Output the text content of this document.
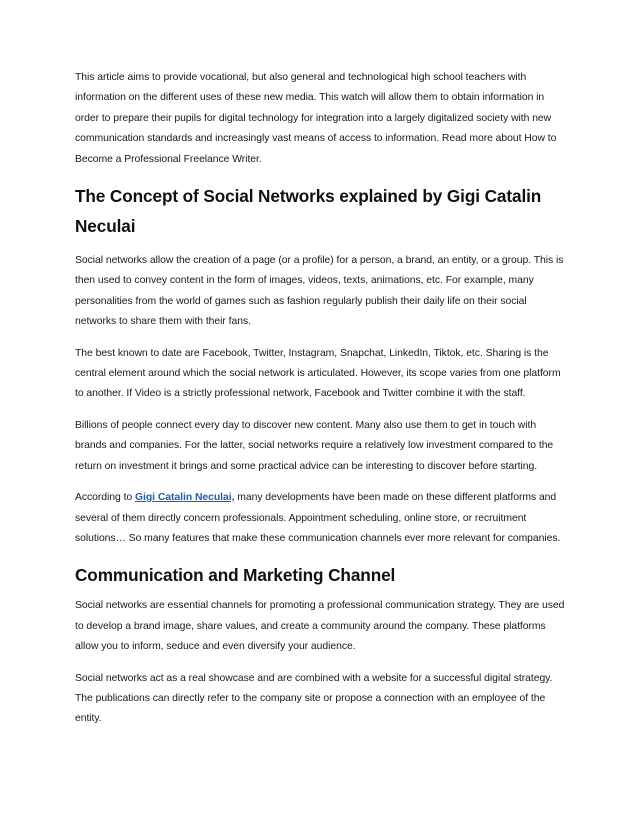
This article aims to provide vocational, but also general and technological high school teachers with information on the different uses of these new media. This watch will allow them to obtain information in order to prepare their pupils for digital technology for integration into a largely digitalized society with new communication standards and increasingly vast means of access to information. Read more about How to Become a Professional Freelance Writer.

The Concept of Social Networks explained by Gigi Catalin Neculai

Social networks allow the creation of a page (or a profile) for a person, a brand, an entity, or a group. This is then used to convey content in the form of images, videos, texts, animations, etc. For example, many personalities from the world of games such as fashion regularly publish their daily life on their social networks to share them with their fans.

The best known to date are Facebook, Twitter, Instagram, Snapchat, LinkedIn, Tiktok, etc. Sharing is the central element around which the social network is articulated. However, its scope varies from one platform to another. If Video is a strictly professional network, Facebook and Twitter combine it with the staff.

Billions of people connect every day to discover new content. Many also use them to get in touch with brands and companies. For the latter, social networks require a relatively low investment compared to the return on investment it brings and some practical advice can be interesting to discover before starting.

According to Gigi Catalin Neculai, many developments have been made on these different platforms and several of them directly concern professionals. Appointment scheduling, online store, or recruitment solutions… So many features that make these communication channels ever more relevant for companies.

Communication and Marketing Channel

Social networks are essential channels for promoting a professional communication strategy. They are used to develop a brand image, share values, and create a community around the company. These platforms allow you to inform, seduce and even diversify your audience.

Social networks act as a real showcase and are combined with a website for a successful digital strategy. The publications can directly refer to the company site or propose a connection with an employee of the entity.
